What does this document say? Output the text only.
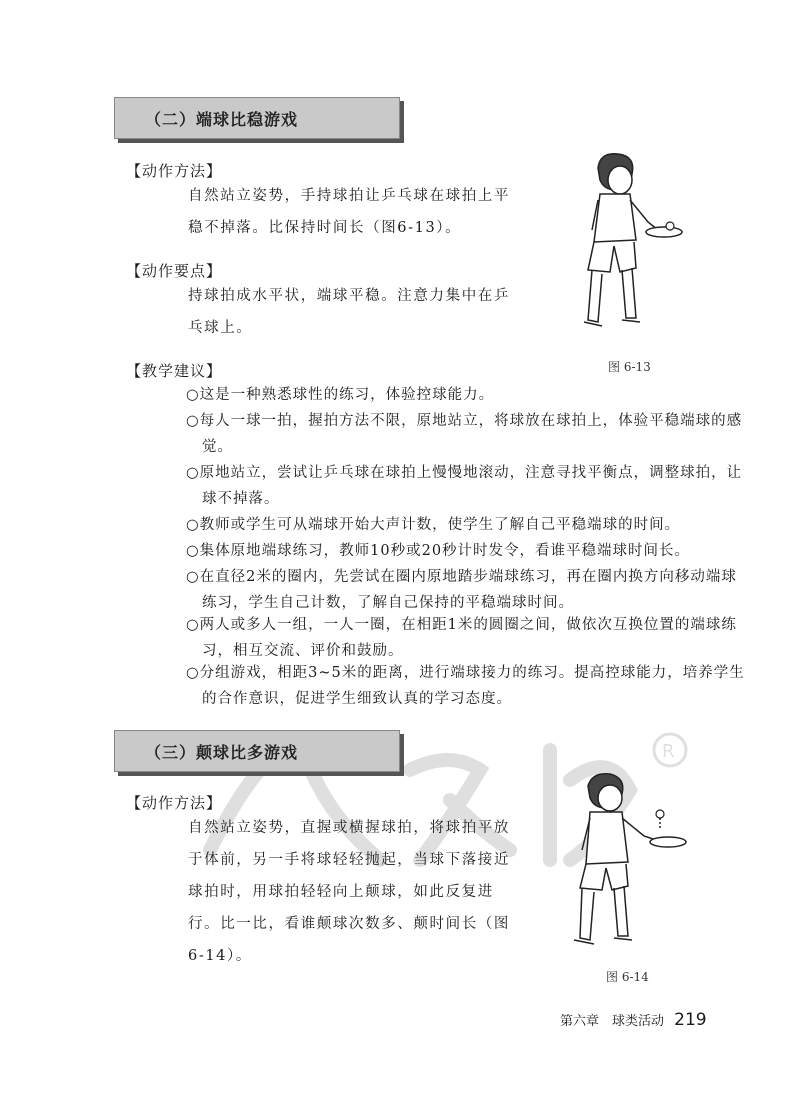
R
（二）端球比稳游戏
【动作方法】
自然站立姿势，手持球拍让乒乓球在球拍上平
稳不掉落。比保持时间长（图6-13）。
【动作要点】
持球拍成水平状，端球平稳。注意力集中在乒
乓球上。
图 6-13
【教学建议】
○这是一种熟悉球性的练习，体验控球能力。
○每人一球一拍，握拍方法不限，原地站立，将球放在球拍上，体验平稳端球的感觉。
○原地站立，尝试让乒乓球在球拍上慢慢地滚动，注意寻找平衡点，调整球拍，让球不掉落。
○教师或学生可从端球开始大声计数，使学生了解自己平稳端球的时间。
○集体原地端球练习，教师10秒或20秒计时发令，看谁平稳端球时间长。
○在直径2米的圈内，先尝试在圈内原地踏步端球练习，再在圈内换方向移动端球练习，学生自己计数，了解自己保持的平稳端球时间。
○两人或多人一组，一人一圈，在相距1米的圆圈之间，做依次互换位置的端球练习，相互交流、评价和鼓励。
○分组游戏，相距3~5米的距离，进行端球接力的练习。提高控球能力，培养学生的合作意识，促进学生细致认真的学习态度。
（三）颠球比多游戏
【动作方法】
自然站立姿势，直握或横握球拍，将球拍平放
于体前，另一手将球轻轻抛起，当球下落接近
球拍时，用球拍轻轻向上颠球，如此反复进
行。比一比，看谁颠球次数多、颠时间长（图
6-14）。
图 6-14
第六章　球类活动 219
